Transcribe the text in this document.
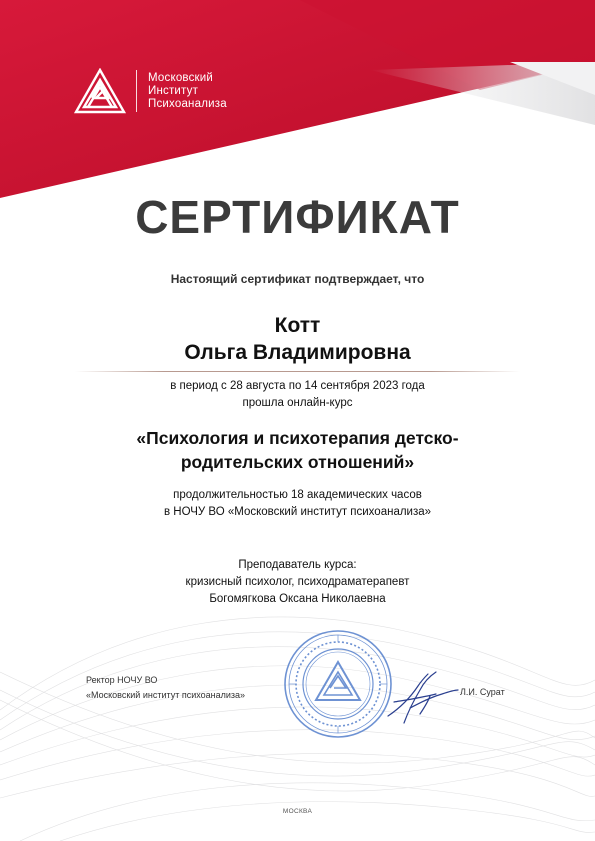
Московский
Институт
Психоанализа
СЕРТИФИКАТ
Настоящий сертификат подтверждает, что
Котт
Ольга Владимировна
в период с 28 августа по 14 сентября 2023 года
прошла онлайн-курс
«Психология и психотерапия детско-
родительских отношений»
продолжительностью 18 академических часов
в НОЧУ ВО «Московский институт психоанализа»
Преподаватель курса:
кризисный психолог, психодраматерапевт
Богомягкова Оксана Николаевна
Ректор НОЧУ ВО
«Московский институт психоанализа»	Л.И. Сурат
МОСКВА
